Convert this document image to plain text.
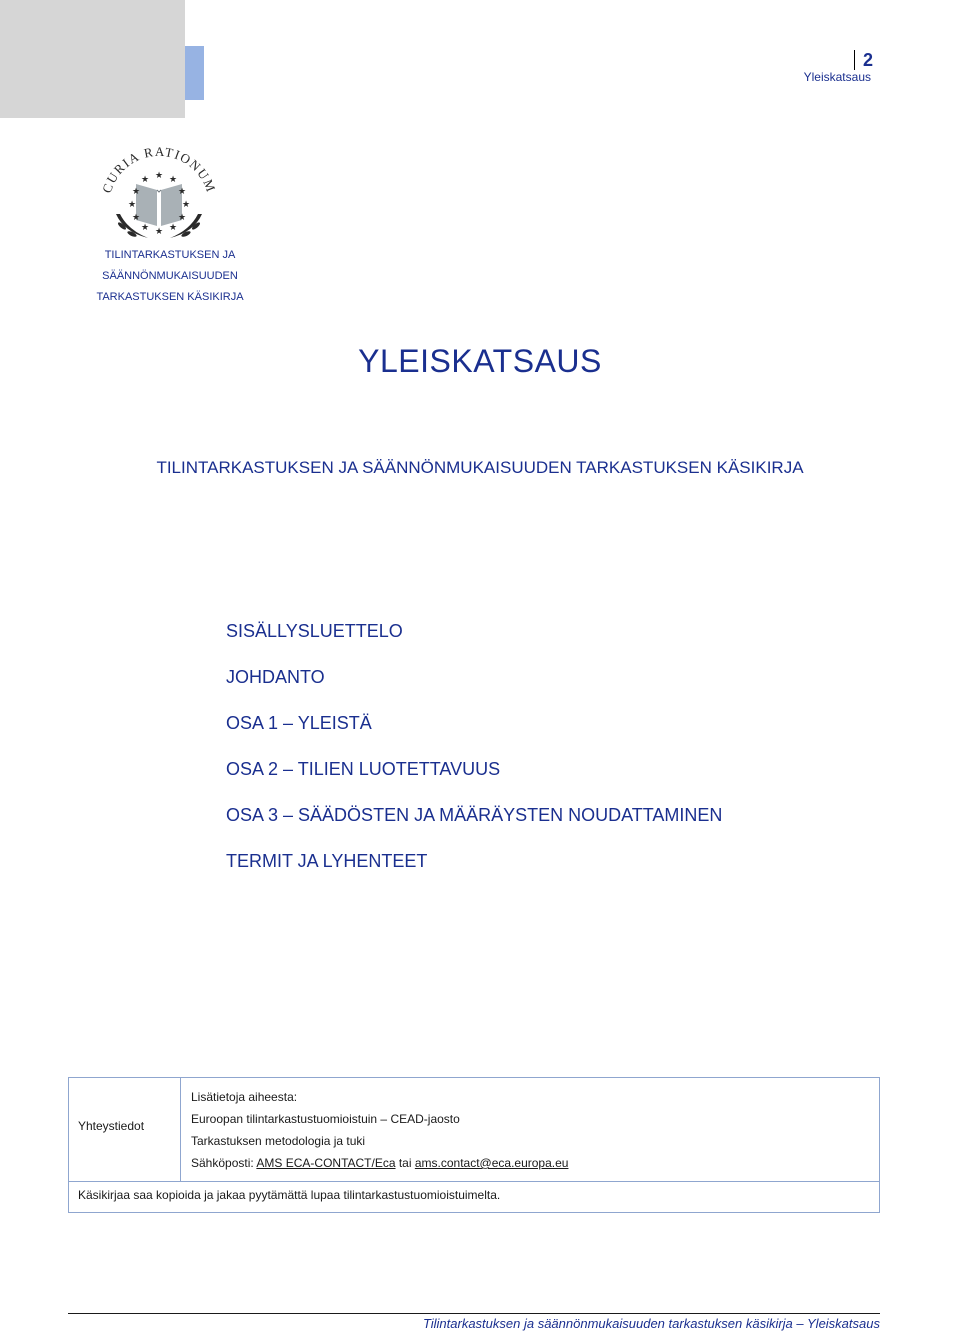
2
Yleiskatsaus
CURIA RATIONUM
★
★ ★
★	★
★	★
★	★
★ ★
★
TILINTARKASTUKSEN JA
SÄÄNNÖNMUKAISUUDEN
TARKASTUKSEN KÄSIKIRJA
YLEISKATSAUS
TILINTARKASTUKSEN JA SÄÄNNÖNMUKAISUUDEN TARKASTUKSEN KÄSIKIRJA
SISÄLLYSLUETTELO
JOHDANTO
OSA 1 – YLEISTÄ
OSA 2 – TILIEN LUOTETTAVUUS
OSA 3 – SÄÄDÖSTEN JA MÄÄRÄYSTEN NOUDATTAMINEN
TERMIT JA LYHENTEET
Yhteystiedot
Lisätietoja aiheesta:
Euroopan tilintarkastustuomioistuin – CEAD-jaosto
Tarkastuksen metodologia ja tuki
Sähköposti: AMS ECA-CONTACT/Eca tai ams.contact@eca.europa.eu
Käsikirjaa saa kopioida ja jakaa pyytämättä lupaa tilintarkastustuomioistuimelta.
Tilintarkastuksen ja säännönmukaisuuden tarkastuksen käsikirja – Yleiskatsaus
